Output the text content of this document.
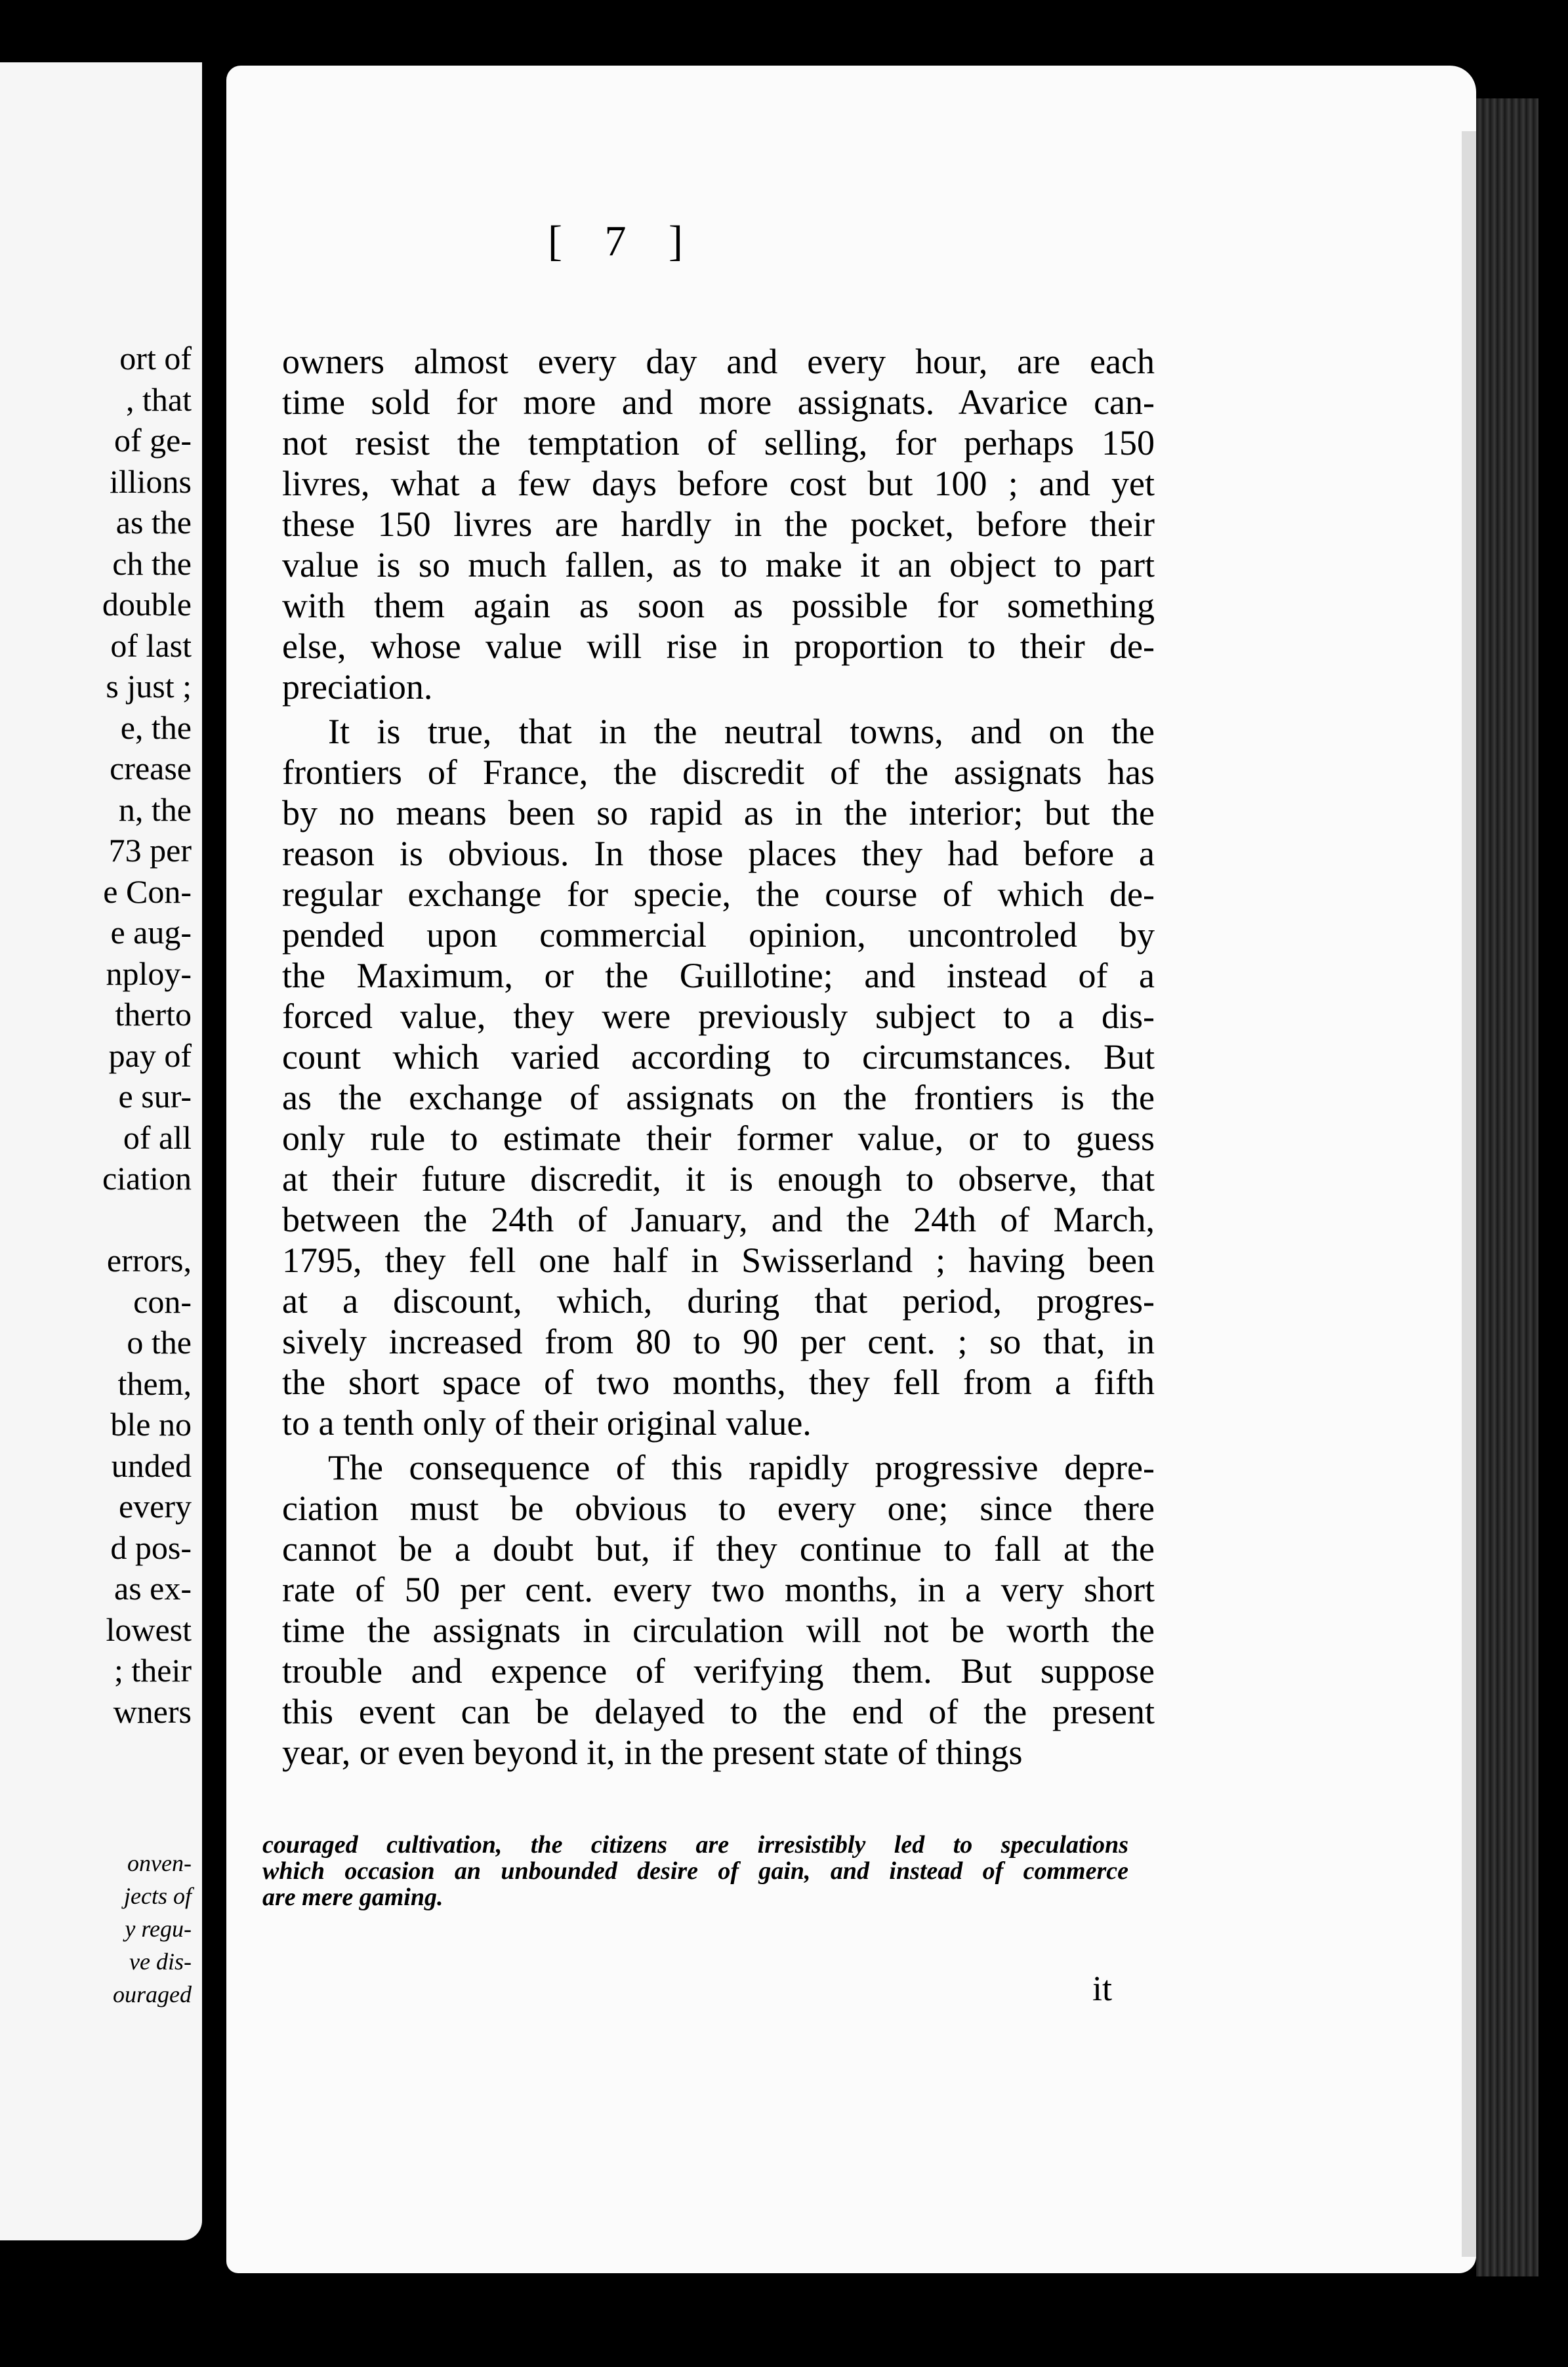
ort of
, that
of ge-
illions
as the
ch the
double
of last
s just ;
e, the
crease
n, the
73 per
e Con-
e aug-
nploy-
therto
pay of
e sur-
of all
ciation

errors,
con-
o the
them,
ble no
unded
every
d pos-
as ex-
lowest
; their
wners
onven-
jects of
y regu-
ve dis-
ouraged
[ 7 ]
owners almost every day and every hour, are each
time sold for more and more assignats. Avarice can-
not resist the temptation of selling, for perhaps 150
livres, what a few days before cost but 100 ; and yet
these 150 livres are hardly in the pocket, before their
value is so much fallen, as to make it an object to part
with them again as soon as possible for something
else, whose value will rise in proportion to their de-
preciation.
It is true, that in the neutral towns, and on the
frontiers of France, the discredit of the assignats has
by no means been so rapid as in the interior; but the
reason is obvious. In those places they had before a
regular exchange for specie, the course of which de-
pended upon commercial opinion, uncontroled by
the Maximum, or the Guillotine; and instead of a
forced value, they were previously subject to a dis-
count which varied according to circumstances. But
as the exchange of assignats on the frontiers is the
only rule to estimate their former value, or to guess
at their future discredit, it is enough to observe, that
between the 24th of January, and the 24th of March,
1795, they fell one half in Swisserland ; having been
at a discount, which, during that period, progres-
sively increased from 80 to 90 per cent. ; so that, in
the short space of two months, they fell from a fifth
to a tenth only of their original value.
The consequence of this rapidly progressive depre-
ciation must be obvious to every one; since there
cannot be a doubt but, if they continue to fall at the
rate of 50 per cent. every two months, in a very short
time the assignats in circulation will not be worth the
trouble and expence of verifying them. But suppose
this event can be delayed to the end of the present
year, or even beyond it, in the present state of things
couraged cultivation, the citizens are irresistibly led to speculations
which occasion an unbounded desire of gain, and instead of commerce
are mere gaming.
it
